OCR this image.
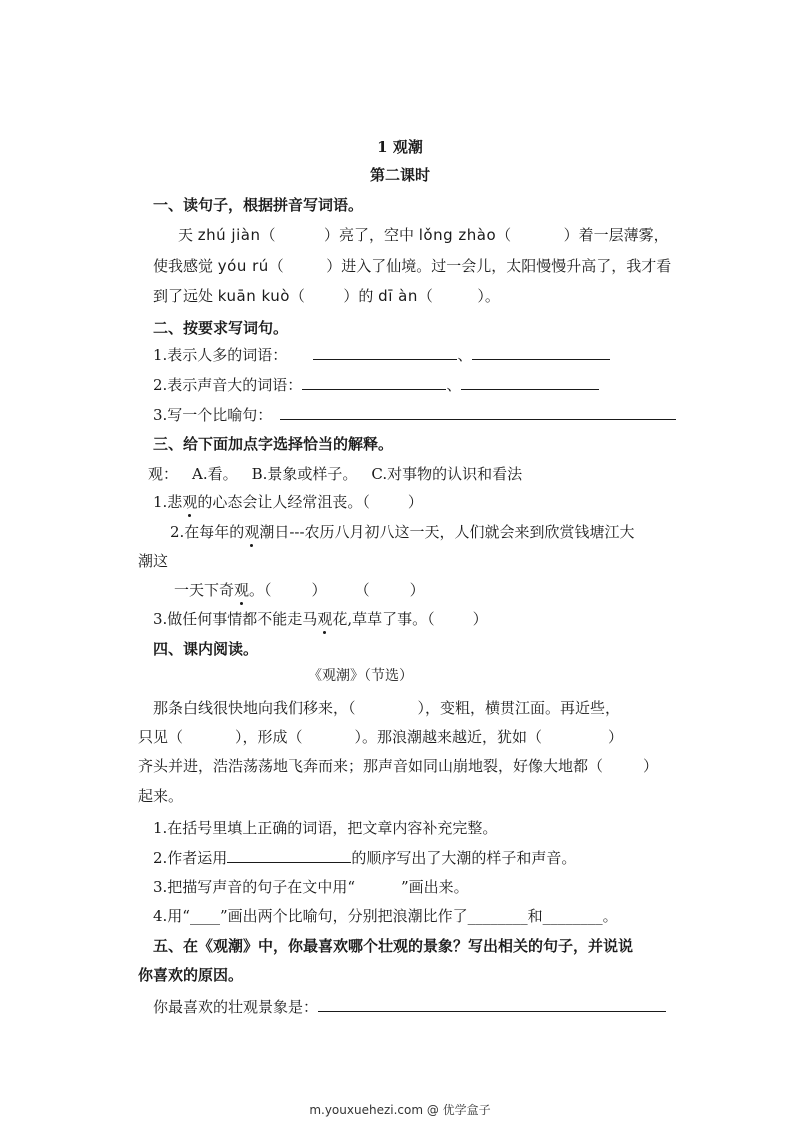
1 观潮
第二课时
一、读句子，根据拼音写词语。
天 zhú jiàn（	）亮了，空中 lǒng zhào（	）着一层薄雾，
使我感觉 yóu rú（	）进入了仙境。过一会儿，太阳慢慢升高了，我才看
到了远处 kuān kuò（	）的 dī àn（	）。
二、按要求写词句。
1.表示人多的词语：	、
2.表示声音大的词语：	、
3.写一个比喻句：
三、给下面加点字选择恰当的解释。
观： A.看。 B.景象或样子。 C.对事物的认识和看法
1.悲观的心态会让人经常沮丧。（	）
2.在每年的观潮日---农历八月初八这一天，人们就会来到欣赏钱塘江大
潮这
一天下奇观。（	） （	）
3.做任何事情都不能走马观花,草草了事。（	）
四、课内阅读。
《观潮》（节选）
那条白线很快地向我们移来，（	），变粗，横贯江面。再近些，
只见（	），形成（	）。那浪潮越来越近，犹如（	）
齐头并进，浩浩荡荡地飞奔而来；那声音如同山崩地裂，好像大地都（	）
起来。
1.在括号里填上正确的词语，把文章内容补充完整。
2.作者运用	的顺序写出了大潮的样子和声音。
3.把描写声音的句子在文中用“	”画出来。
4.用“____”画出两个比喻句，分别把浪潮比作了________和________。
五、在《观潮》中，你最喜欢哪个壮观的景象？写出相关的句子，并说说
你喜欢的原因。
你最喜欢的壮观景象是：
m.youxuehezi.com @ 优学盒子
